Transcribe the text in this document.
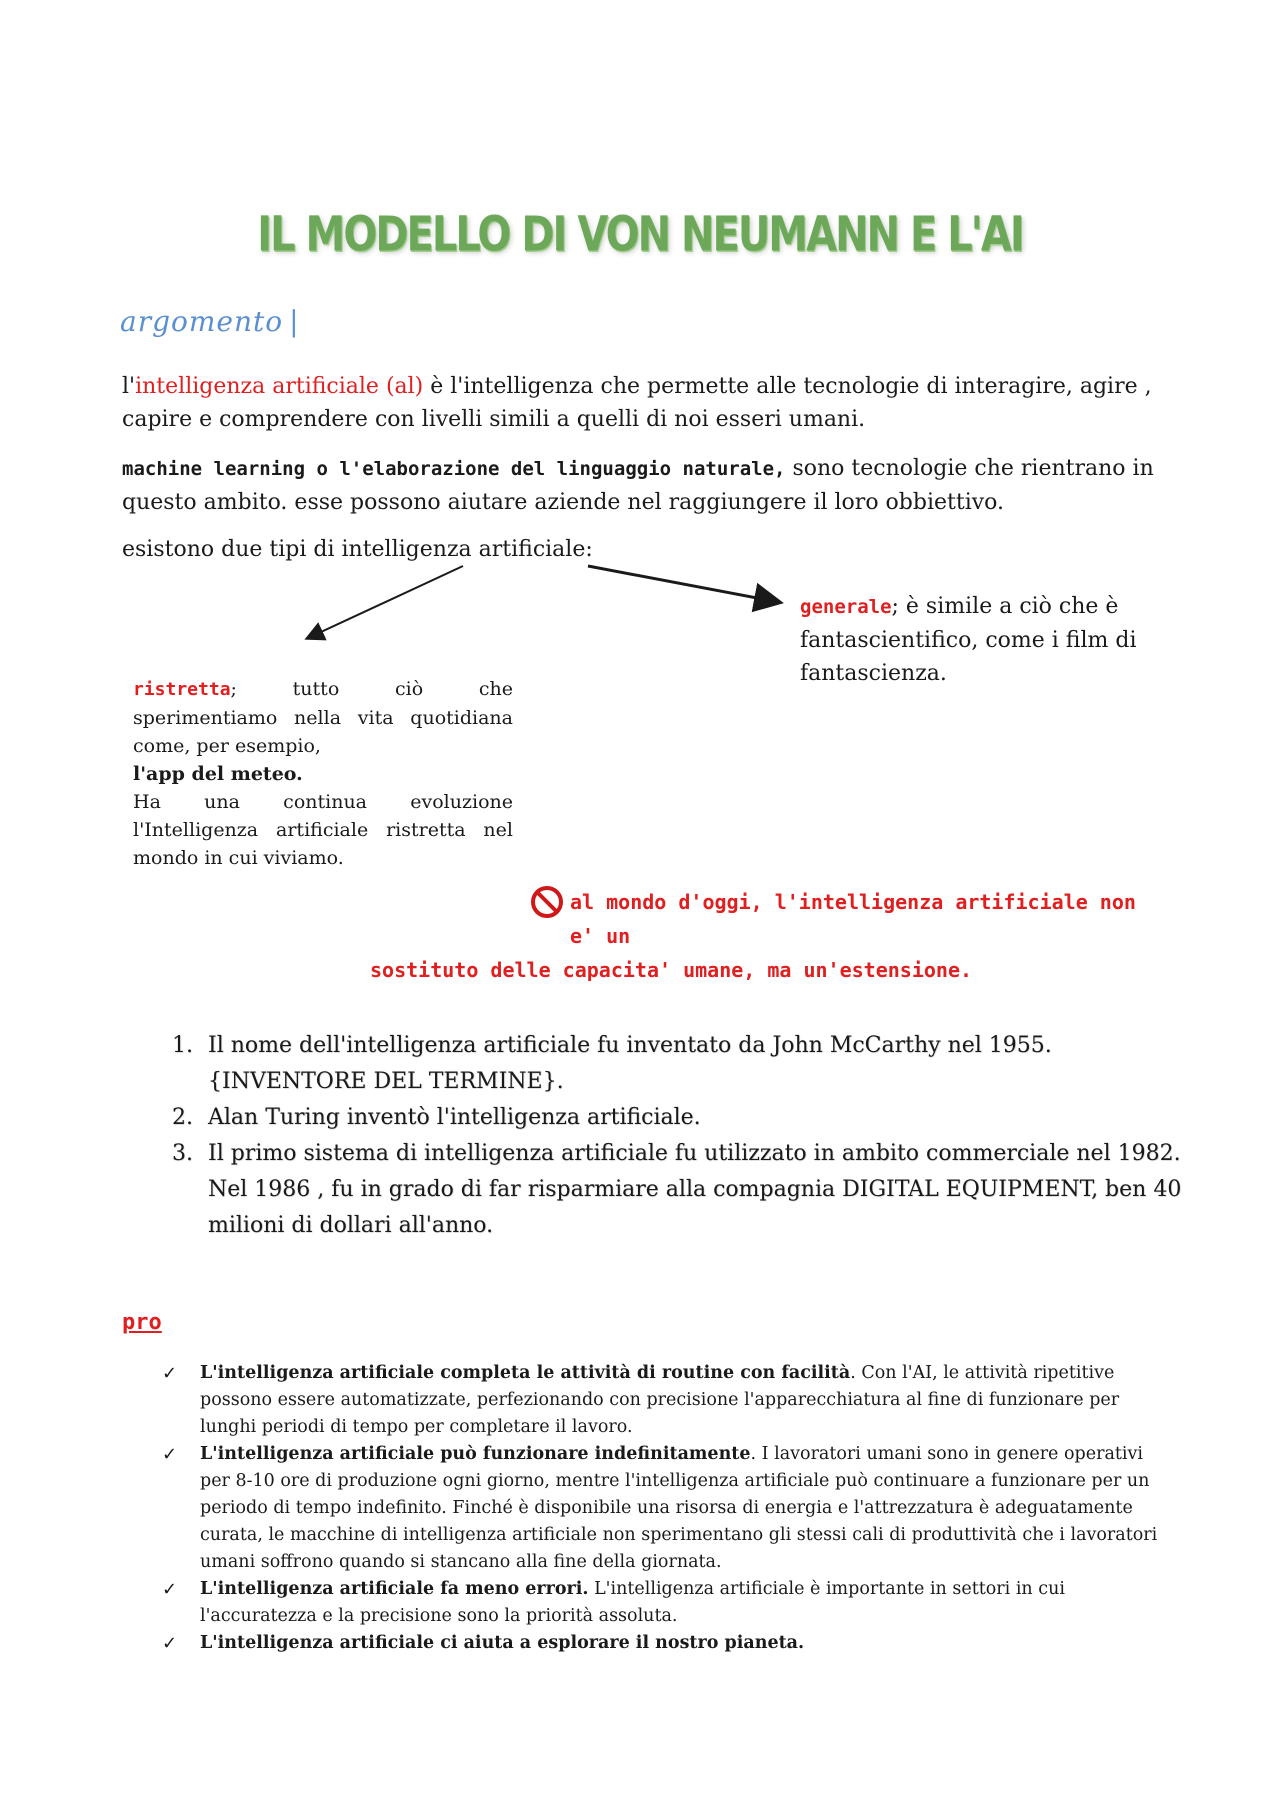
IL MODELLO DI VON NEUMANN E L'AI
argomento |
l'intelligenza artificiale (al) è l'intelligenza che permette alle tecnologie di interagire, agire , capire e comprendere con livelli simili a quelli di noi esseri umani.
machine learning o l'elaborazione del linguaggio naturale, sono tecnologie che rientrano in questo ambito. esse possono aiutare aziende nel raggiungere il loro obbiettivo.
esistono due tipi di intelligenza artificiale:
ristretta; tutto ciò che sperimentiamo nella vita quotidiana come, per esempio,
l'app del meteo.
Ha una continua evoluzione l'Intelligenza artificiale ristretta nel mondo in cui viviamo.
generale; è simile a ciò che è fantascientifico, come i film di fantascienza.
al mondo d'oggi, l'intelligenza artificiale non e' un
sostituto delle capacita' umane, ma un'estensione.
1. Il nome dell'intelligenza artificiale fu inventato da John McCarthy nel 1955. {INVENTORE DEL TERMINE}.
2. Alan Turing inventò l'intelligenza artificiale.
3. Il primo sistema di intelligenza artificiale fu utilizzato in ambito commerciale nel 1982. Nel 1986 , fu in grado di far risparmiare alla compagnia DIGITAL EQUIPMENT, ben 40 milioni di dollari all'anno.
pro
✓ L'intelligenza artificiale completa le attività di routine con facilità. Con l'AI, le attività ripetitive possono essere automatizzate, perfezionando con precisione l'apparecchiatura al fine di funzionare per lunghi periodi di tempo per completare il lavoro.
✓ L'intelligenza artificiale può funzionare indefinitamente. I lavoratori umani sono in genere operativi per 8-10 ore di produzione ogni giorno, mentre l'intelligenza artificiale può continuare a funzionare per un periodo di tempo indefinito. Finché è disponibile una risorsa di energia e l'attrezzatura è adeguatamente curata, le macchine di intelligenza artificiale non sperimentano gli stessi cali di produttività che i lavoratori umani soffrono quando si stancano alla fine della giornata.
✓ L'intelligenza artificiale fa meno errori. L'intelligenza artificiale è importante in settori in cui l'accuratezza e la precisione sono la priorità assoluta.
✓ L'intelligenza artificiale ci aiuta a esplorare il nostro pianeta.
